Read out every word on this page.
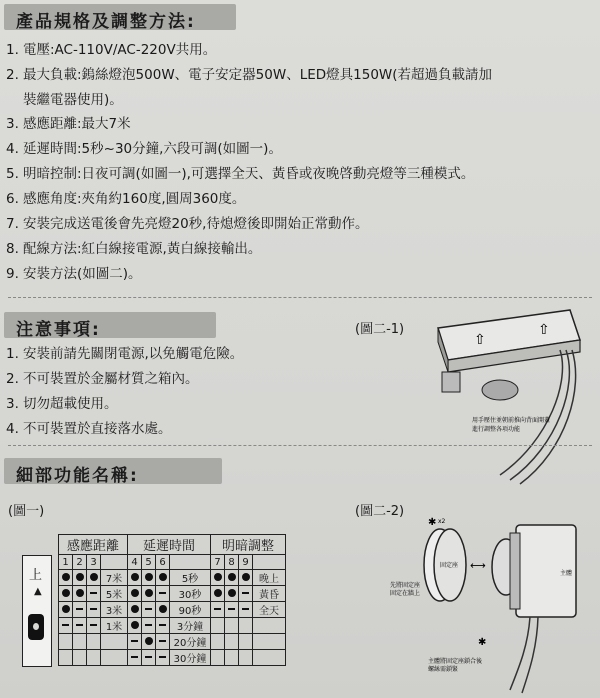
產品規格及調整方法:
1. 電壓:AC-110V/AC-220V共用。
2. 最大負載:鎢絲燈泡500W、電子安定器50W、LED燈具150W(若超過負載請加
裝繼電器使用)。
3. 感應距離:最大7米
4. 延遲時間:5秒~30分鐘,六段可調(如圖一)。
5. 明暗控制:日夜可調(如圖一),可選擇全天、黃昏或夜晚啓動亮燈等三種模式。
6. 感應角度:夾角約160度,圓周360度。
7. 安裝完成送電後會先亮燈20秒,待熄燈後即開始正常動作。
8. 配線方法:紅白線接電源,黃白線接輸出。
9. 安裝方法(如圖二)。
注意事項:
1. 安裝前請先關閉電源,以免觸電危險。
2. 不可裝置於金屬材質之箱內。
3. 切勿超載使用。
4. 不可裝置於直接落水處。
(圖二-1)
⇧
⇧
用手壓住並朝前推向背面開蓋
進行調整各項功能
細部功能名稱:
(圖一)	(圖二-2)
上
▲
感應距離				延遲時間				明暗調整			
1	2	3		4	5	6		7	8	9	
			7米				5秒				晚上
			5米				30秒				黃昏
			3米				90秒				全天
			1米				3分鐘				
							20分鐘				
							30分鐘				
✱ x2
固定座
先將固定座
固定在牆上
⟷
主體
✱
主體將固定座鎖合後
螺絲需鎖緊
